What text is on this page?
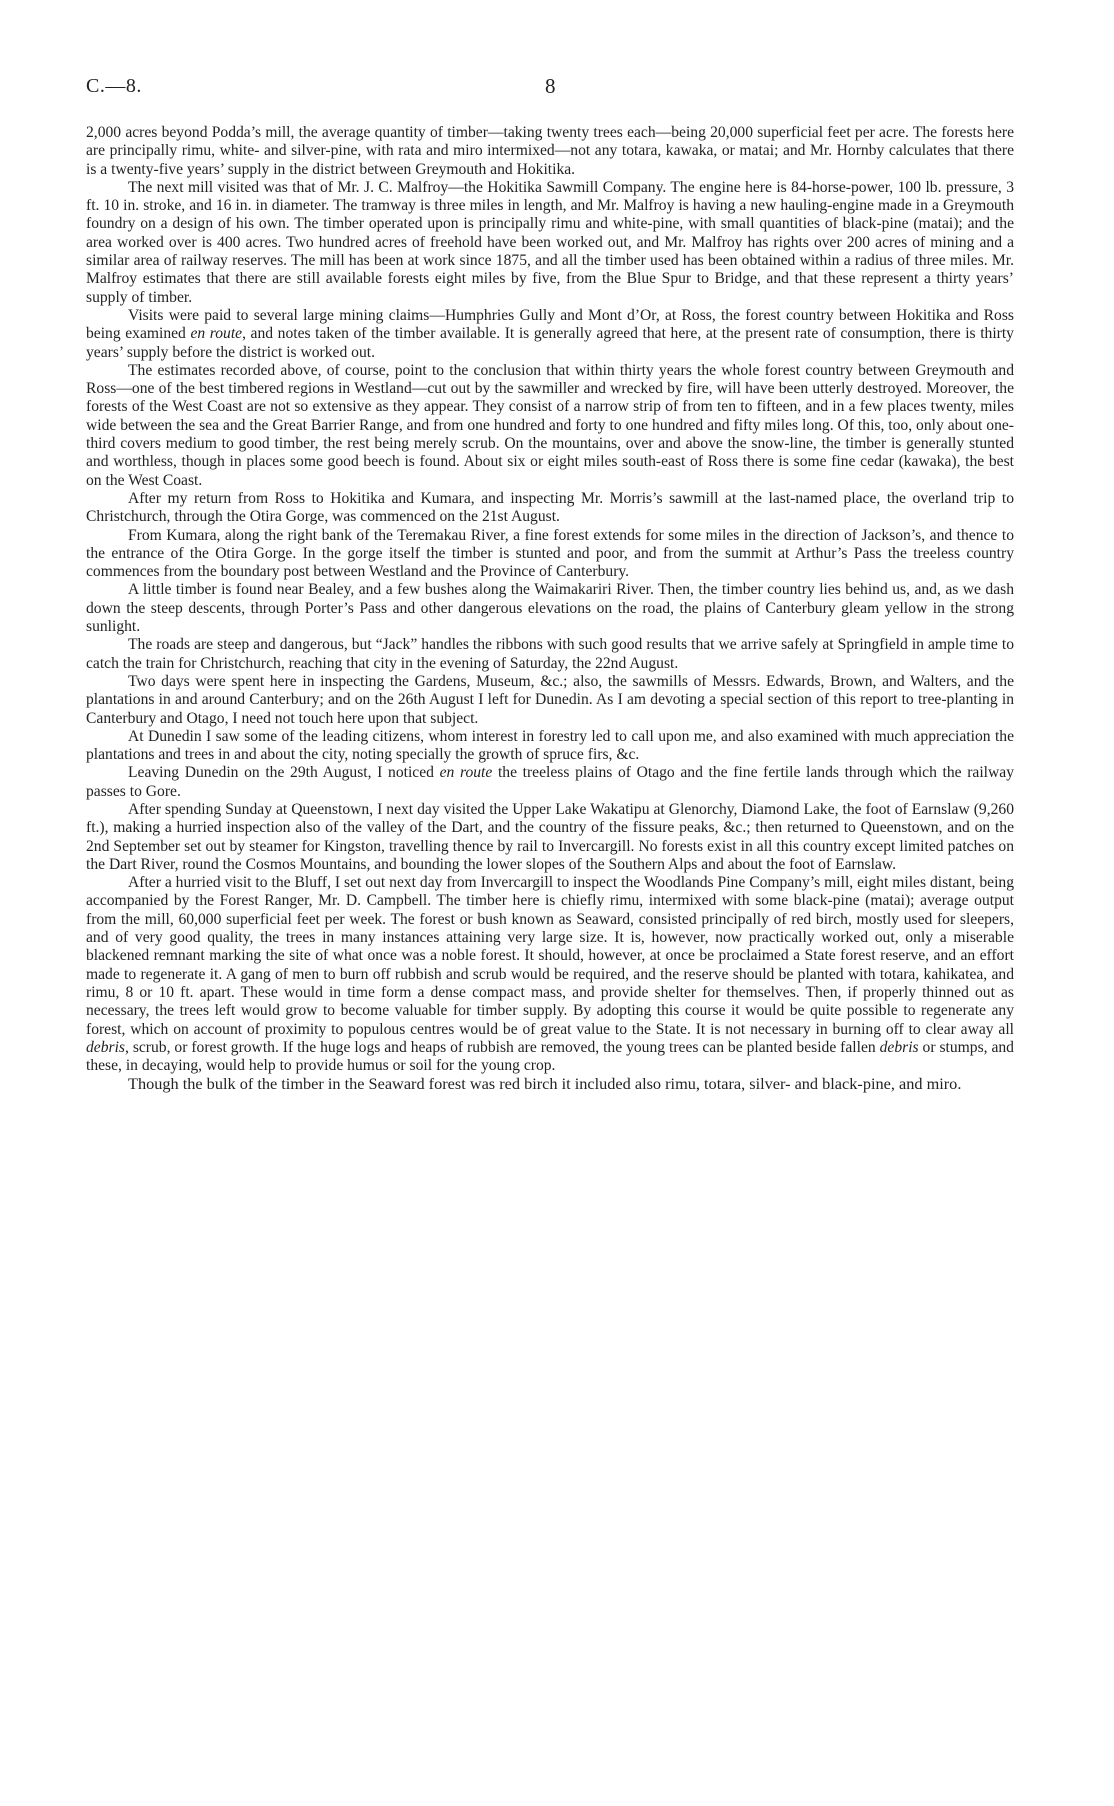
C.—8.	8

2,000 acres beyond Podda’s mill, the average quantity of timber—taking twenty trees each—being 20,000 superficial feet per acre. The forests here are principally rimu, white- and silver-pine, with rata and miro intermixed—not any totara, kawaka, or matai; and Mr. Hornby calculates that there is a twenty-five years’ supply in the district between Greymouth and Hokitika.

The next mill visited was that of Mr. J. C. Malfroy—the Hokitika Sawmill Company. The engine here is 84-horse-power, 100 lb. pressure, 3 ft. 10 in. stroke, and 16 in. in diameter. The tramway is three miles in length, and Mr. Malfroy is having a new hauling-engine made in a Greymouth foundry on a design of his own. The timber operated upon is principally rimu and white-pine, with small quantities of black-pine (matai); and the area worked over is 400 acres. Two hundred acres of freehold have been worked out, and Mr. Malfroy has rights over 200 acres of mining and a similar area of railway reserves. The mill has been at work since 1875, and all the timber used has been obtained within a radius of three miles. Mr. Malfroy estimates that there are still available forests eight miles by five, from the Blue Spur to Bridge, and that these represent a thirty years’ supply of timber.

Visits were paid to several large mining claims—Humphries Gully and Mont d’Or, at Ross, the forest country between Hokitika and Ross being examined en route, and notes taken of the timber available. It is generally agreed that here, at the present rate of consumption, there is thirty years’ supply before the district is worked out.

The estimates recorded above, of course, point to the conclusion that within thirty years the whole forest country between Greymouth and Ross—one of the best timbered regions in Westland—cut out by the sawmiller and wrecked by fire, will have been utterly destroyed. Moreover, the forests of the West Coast are not so extensive as they appear. They consist of a narrow strip of from ten to fifteen, and in a few places twenty, miles wide between the sea and the Great Barrier Range, and from one hundred and forty to one hundred and fifty miles long. Of this, too, only about one-third covers medium to good timber, the rest being merely scrub. On the mountains, over and above the snow-line, the timber is generally stunted and worthless, though in places some good beech is found. About six or eight miles south-east of Ross there is some fine cedar (kawaka), the best on the West Coast.

After my return from Ross to Hokitika and Kumara, and inspecting Mr. Morris’s sawmill at the last-named place, the overland trip to Christchurch, through the Otira Gorge, was commenced on the 21st August.

From Kumara, along the right bank of the Teremakau River, a fine forest extends for some miles in the direction of Jackson’s, and thence to the entrance of the Otira Gorge. In the gorge itself the timber is stunted and poor, and from the summit at Arthur’s Pass the treeless country commences from the boundary post between Westland and the Province of Canterbury.

A little timber is found near Bealey, and a few bushes along the Waimakariri River. Then, the timber country lies behind us, and, as we dash down the steep descents, through Porter’s Pass and other dangerous elevations on the road, the plains of Canterbury gleam yellow in the strong sunlight.

The roads are steep and dangerous, but “Jack” handles the ribbons with such good results that we arrive safely at Springfield in ample time to catch the train for Christchurch, reaching that city in the evening of Saturday, the 22nd August.

Two days were spent here in inspecting the Gardens, Museum, &c.; also, the sawmills of Messrs. Edwards, Brown, and Walters, and the plantations in and around Canterbury; and on the 26th August I left for Dunedin. As I am devoting a special section of this report to tree-planting in Canterbury and Otago, I need not touch here upon that subject.

At Dunedin I saw some of the leading citizens, whom interest in forestry led to call upon me, and also examined with much appreciation the plantations and trees in and about the city, noting specially the growth of spruce firs, &c.

Leaving Dunedin on the 29th August, I noticed en route the treeless plains of Otago and the fine fertile lands through which the railway passes to Gore.

After spending Sunday at Queenstown, I next day visited the Upper Lake Wakatipu at Glenorchy, Diamond Lake, the foot of Earnslaw (9,260 ft.), making a hurried inspection also of the valley of the Dart, and the country of the fissure peaks, &c.; then returned to Queenstown, and on the 2nd September set out by steamer for Kingston, travelling thence by rail to Invercargill. No forests exist in all this country except limited patches on the Dart River, round the Cosmos Mountains, and bounding the lower slopes of the Southern Alps and about the foot of Earnslaw.

After a hurried visit to the Bluff, I set out next day from Invercargill to inspect the Woodlands Pine Company’s mill, eight miles distant, being accompanied by the Forest Ranger, Mr. D. Campbell. The timber here is chiefly rimu, intermixed with some black-pine (matai); average output from the mill, 60,000 superficial feet per week. The forest or bush known as Seaward, consisted principally of red birch, mostly used for sleepers, and of very good quality, the trees in many instances attaining very large size. It is, however, now practically worked out, only a miserable blackened remnant marking the site of what once was a noble forest. It should, however, at once be proclaimed a State forest reserve, and an effort made to regenerate it. A gang of men to burn off rubbish and scrub would be required, and the reserve should be planted with totara, kahikatea, and rimu, 8 or 10 ft. apart. These would in time form a dense compact mass, and provide shelter for themselves. Then, if properly thinned out as necessary, the trees left would grow to become valuable for timber supply. By adopting this course it would be quite possible to regenerate any forest, which on account of proximity to populous centres would be of great value to the State. It is not necessary in burning off to clear away all debris, scrub, or forest growth. If the huge logs and heaps of rubbish are removed, the young trees can be planted beside fallen debris or stumps, and these, in decaying, would help to provide humus or soil for the young crop.

Though the bulk of the timber in the Seaward forest was red birch it included also rimu, totara, silver- and black-pine, and miro.
